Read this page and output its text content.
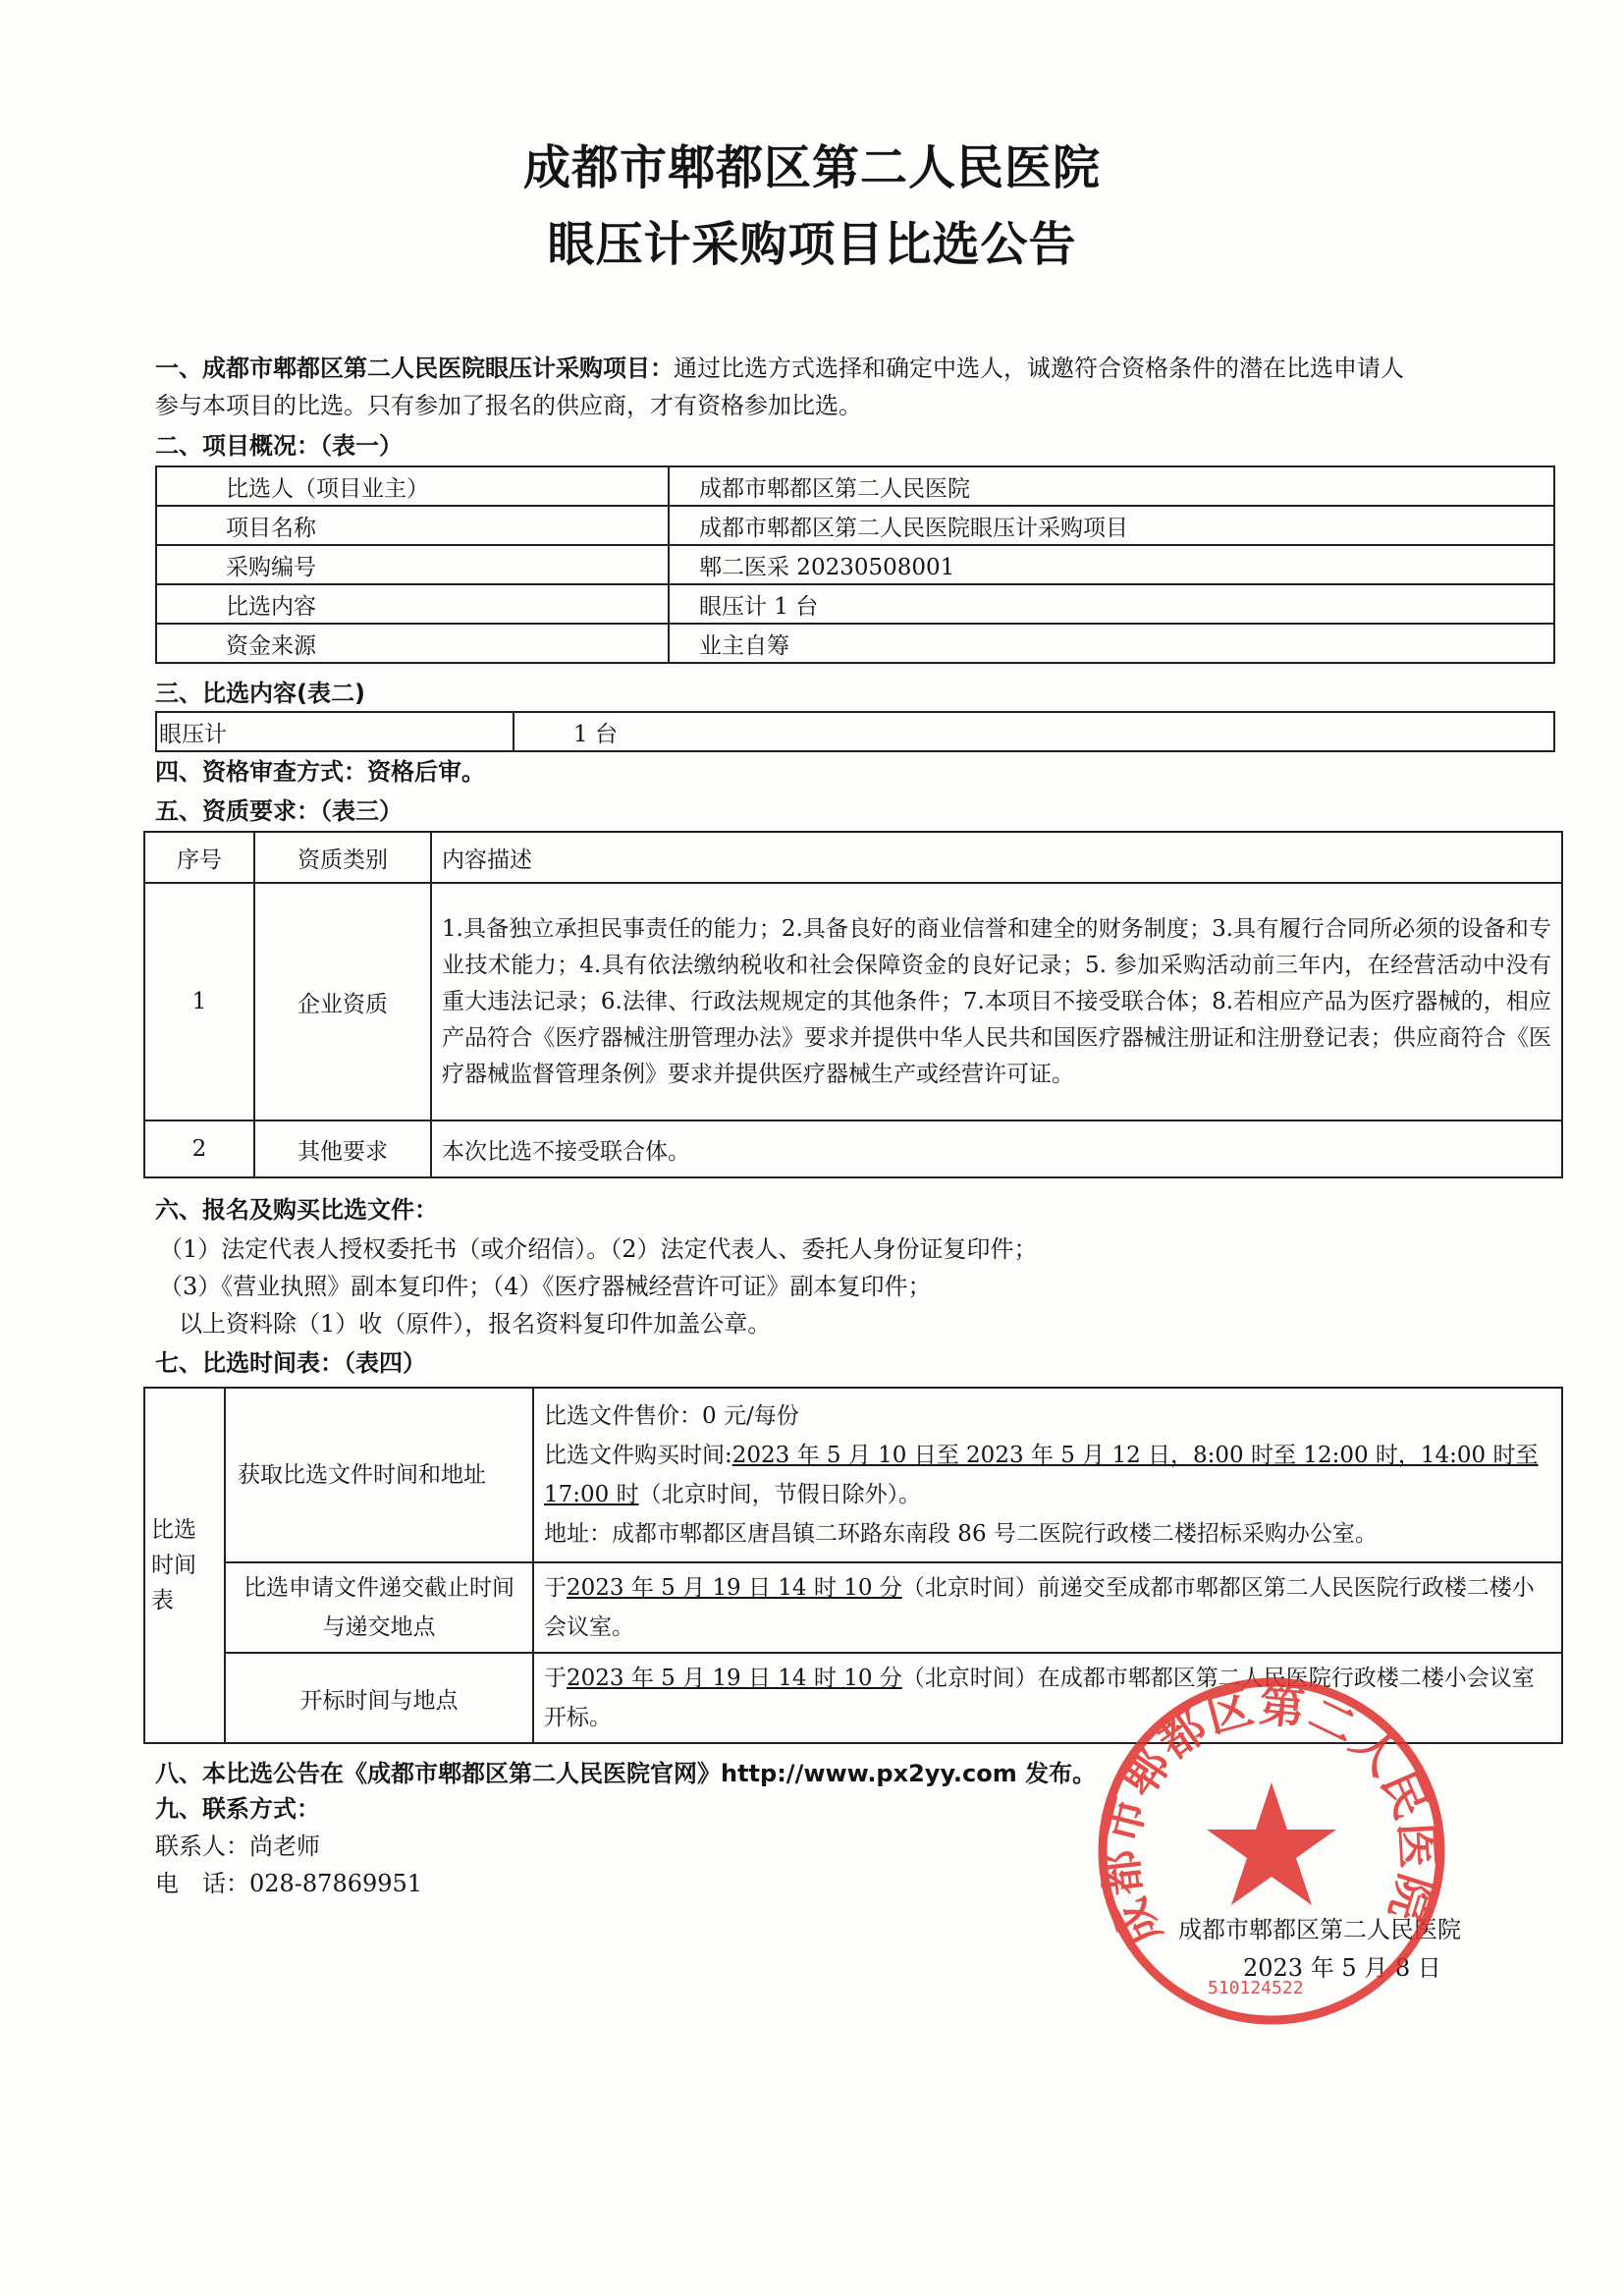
成都市郫都区第二人民医院
眼压计采购项目比选公告
一、成都市郫都区第二人民医院眼压计采购项目：通过比选方式选择和确定中选人，诚邀符合资格条件的潜在比选申请人
参与本项目的比选。只有参加了报名的供应商，才有资格参加比选。
二、项目概况：（表一）
比选人（项目业主）	成都市郫都区第二人民医院
项目名称	成都市郫都区第二人民医院眼压计采购项目
采购编号	郫二医采 20230508001
比选内容	眼压计 1 台
资金来源	业主自筹
三、比选内容(表二)
眼压计	1 台
四、资格审查方式：资格后审。
五、资质要求：（表三）
序号	资质类别	内容描述
1	企业资质	1.具备独立承担民事责任的能力；2.具备良好的商业信誉和建全的财务制度；3.具有履行合同所必须的设备和专业技术能力；4.具有依法缴纳税收和社会保障资金的良好记录；5. 参加采购活动前三年内，在经营活动中没有重大违法记录；6.法律、行政法规规定的其他条件；7.本项目不接受联合体；8.若相应产品为医疗器械的，相应产品符合《医疗器械注册管理办法》要求并提供中华人民共和国医疗器械注册证和注册登记表；供应商符合《医疗器械监督管理条例》要求并提供医疗器械生产或经营许可证。
2	其他要求	本次比选不接受联合体。
六、报名及购买比选文件：
（1）法定代表人授权委托书（或介绍信）。（2）法定代表人、委托人身份证复印件；
（3）《营业执照》副本复印件；（4）《医疗器械经营许可证》副本复印件；
以上资料除（1）收（原件），报名资料复印件加盖公章。
七、比选时间表：（表四）
比选时间表	获取比选文件时间和地址	比选文件售价：0 元/每份
比选文件购买时间:2023 年 5 月 10 日至 2023 年 5 月 12 日，8:00 时至 12:00 时，14:00 时至 17:00 时（北京时间，节假日除外）。
地址：成都市郫都区唐昌镇二环路东南段 86 号二医院行政楼二楼招标采购办公室。

	比选申请文件递交截止时间与递交地点	于2023 年 5 月 19 日 14 时 10 分（北京时间）前递交至成都市郫都区第二人民医院行政楼二楼小会议室。
	开标时间与地点	于2023 年 5 月 19 日 14 时 10 分（北京时间）在成都市郫都区第二人民医院行政楼二楼小会议室开标。
八、本比选公告在《成都市郫都区第二人民医院官网》http://www.px2yy.com 发布。
九、联系方式：
联系人：尚老师
电　话：028-87869951
成都市郫都区第二人民医院
2023 年 5 月 8 日
成都市郫都区第二人民医院
510124522
